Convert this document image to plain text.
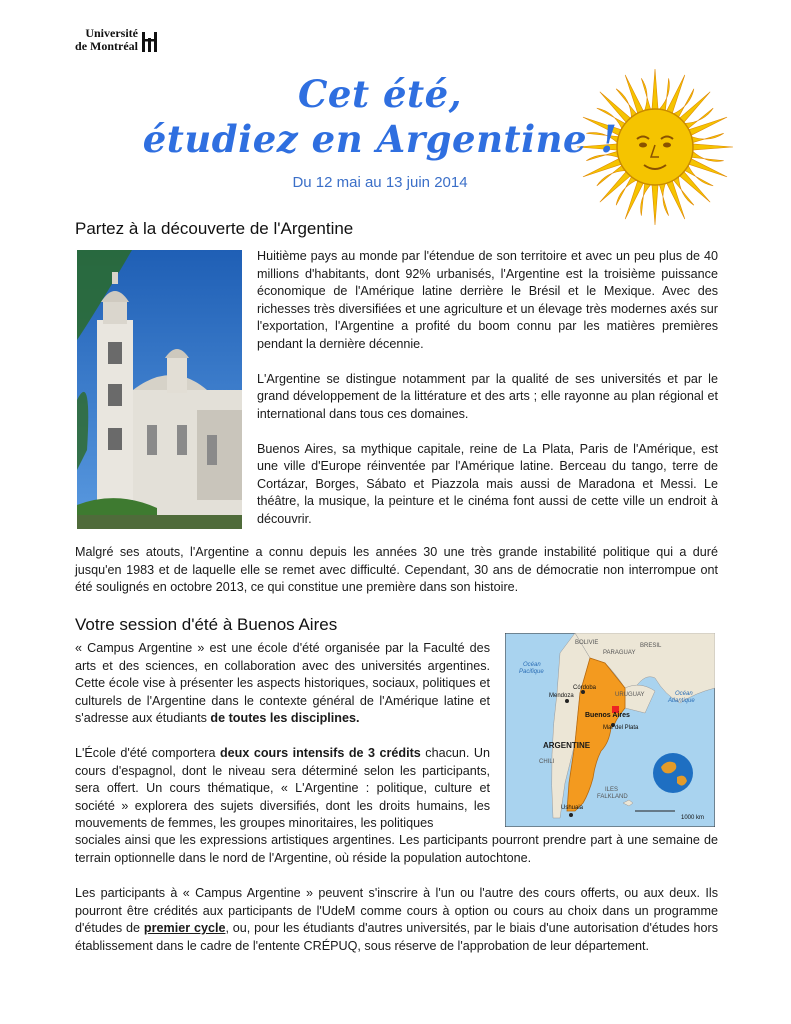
Université
de Montréal
Cet été,
étudiez en Argentine !
Du 12 mai au 13 juin 2014
Partez à la découverte de l'Argentine

Huitième pays au monde par l'étendue de son territoire et avec un peu plus de 40 millions d'habitants, dont 92% urbanisés, l'Argentine est la troisième puissance économique de l'Amérique latine derrière le Brésil et le Mexique. Avec des richesses très diversifiées et une agriculture et un élevage très modernes axés sur l'exportation, l'Argentine a profité du boom connu par les matières premières pendant la dernière décennie.

L'Argentine se distingue notamment par la qualité de ses universités et par le grand développement de la littérature et des arts ; elle rayonne au plan régional et international dans tous ces domaines.

Buenos Aires, sa mythique capitale, reine de La Plata, Paris de l'Amérique, est une ville d'Europe réinventée par l'Amérique latine. Berceau du tango, terre de Cortázar, Borges, Sábato et Piazzola mais aussi de Maradona et Messi. Le théâtre, la musique, la peinture et le cinéma font aussi de cette ville un endroit à découvrir.

Malgré ses atouts, l'Argentine a connu depuis les années 30 une très grande instabilité politique qui a duré jusqu'en 1983 et de laquelle elle se remet avec difficulté. Cependant, 30 ans de démocratie non interrompue ont été soulignés en octobre 2013, ce qui constitue une première dans son histoire.

Votre session d'été à Buenos Aires

« Campus Argentine » est une école d'été organisée par la Faculté des arts et des sciences, en collaboration avec des universités argentines. Cette école vise à présenter les aspects historiques, sociaux, politiques et culturels de l'Argentine dans le contexte général de l'Amérique latine et s'adresse aux étudiants de toutes les disciplines.

L'École d'été comportera deux cours intensifs de 3 crédits chacun. Un cours d'espagnol, dont le niveau sera déterminé selon les participants, sera offert. Un cours thématique, « L'Argentine : politique, culture et société » explorera des sujets diversifiés, dont les droits humains, les mouvements de femmes, les groupes minoritaires, les politiques

sociales ainsi que les expressions artistiques argentines. Les participants pourront prendre part à une semaine de terrain optionnelle dans le nord de l'Argentine, où réside la population autochtone.

Les participants à « Campus Argentine » peuvent s'inscrire à l'un ou l'autre des cours offerts, ou aux deux. Ils pourront être crédités aux participants de l'UdeM comme cours à option ou cours au choix dans un programme d'études de premier cycle, ou, pour les étudiants d'autres universités, par le biais d'une autorisation d'études hors établissement dans le cadre de l'entente CRÉPUQ, sous réserve de l'approbation de leur département.

BOLIVIE	BRESIL
PARAGUAY
Océan
Pacifique
Océan
Atlantique
Córdoba
Mendoza	URUGUAY
Buenos Aires
Mar del Plata
ARGENTINE
CHILI
ILES
FALKLAND
Ushuaia
1000 km
